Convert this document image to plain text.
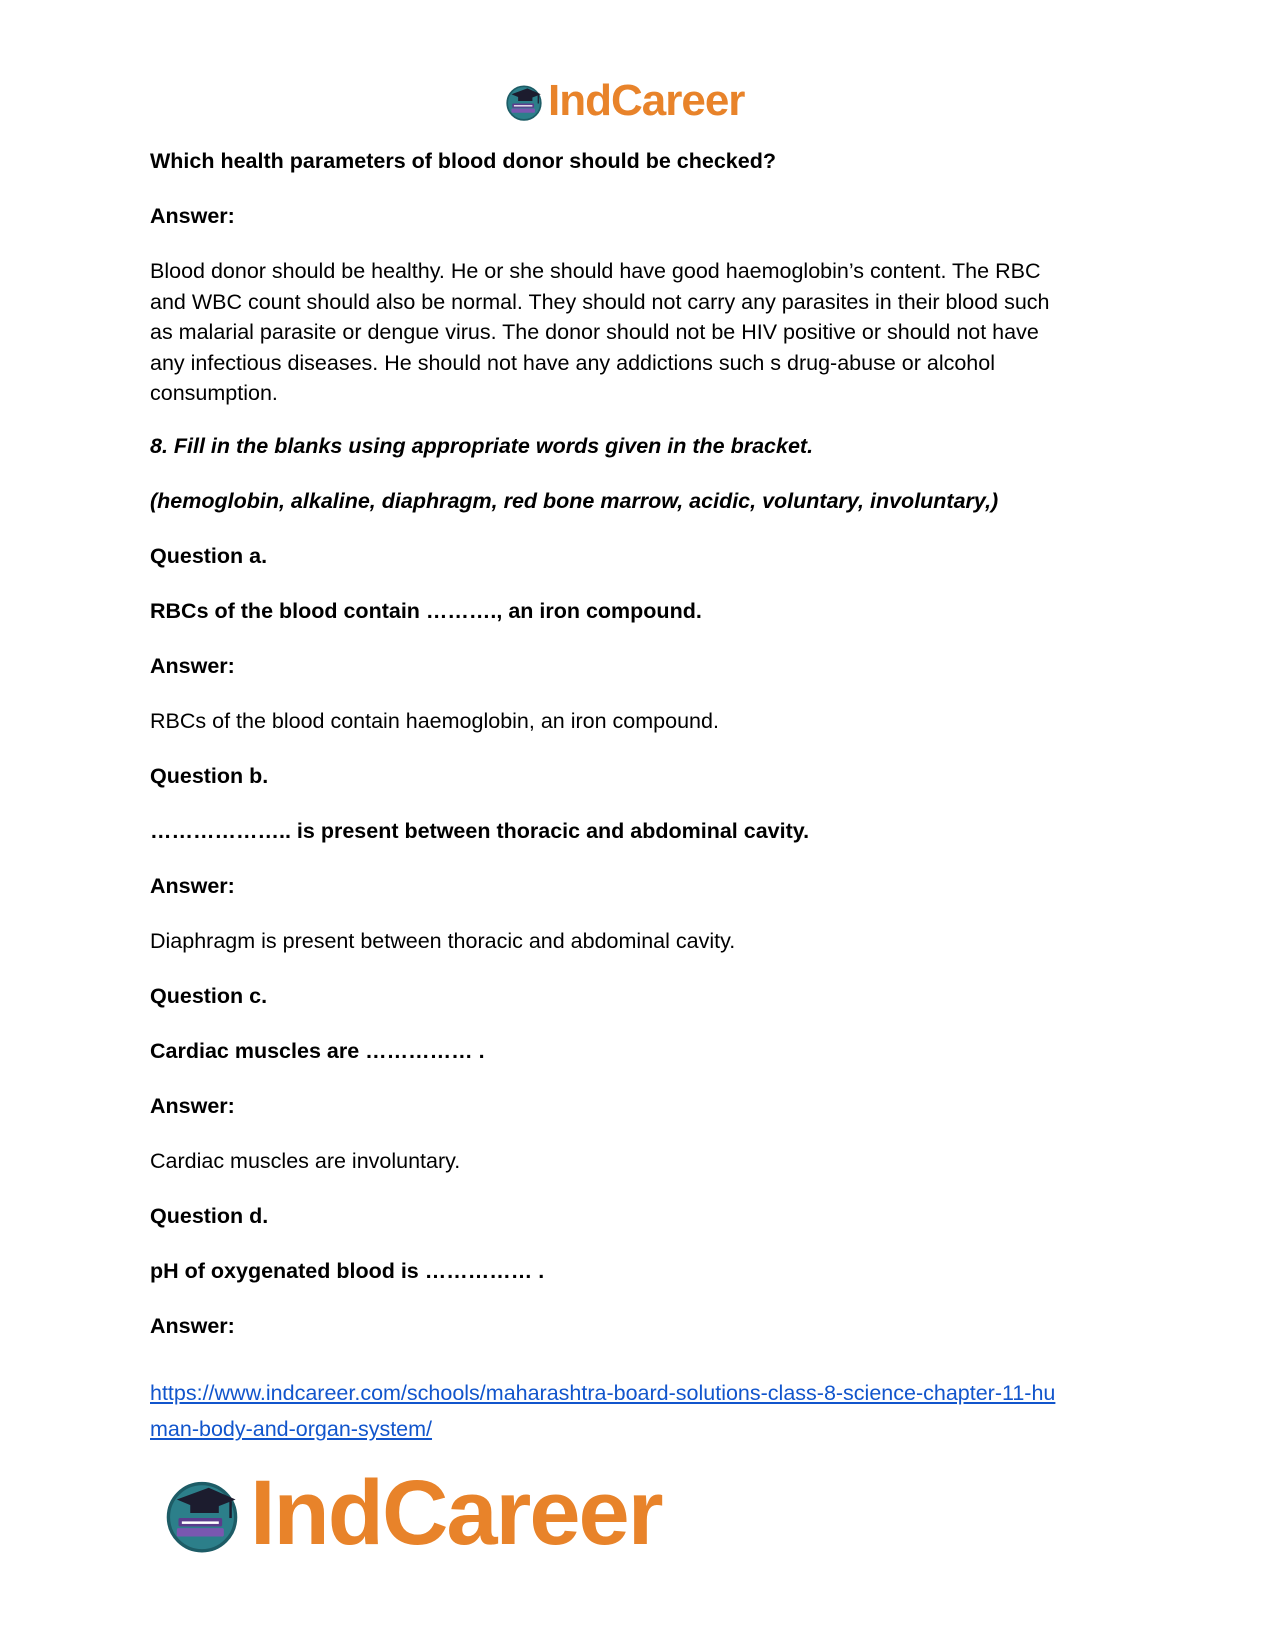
IndCareer
Which health parameters of blood donor should be checked?
Answer:
Blood donor should be healthy. He or she should have good haemoglobin’s content. The RBC
and WBC count should also be normal. They should not carry any parasites in their blood such
as malarial parasite or dengue virus. The donor should not be HIV positive or should not have
any infectious diseases. He should not have any addictions such s drug-abuse or alcohol
consumption.
8. Fill in the blanks using appropriate words given in the bracket.
(hemoglobin, alkaline, diaphragm, red bone marrow, acidic, voluntary, involuntary,)
Question a.
RBCs of the blood contain ………., an iron compound.
Answer:
RBCs of the blood contain haemoglobin, an iron compound.
Question b.
……………….. is present between thoracic and abdominal cavity.
Answer:
Diaphragm is present between thoracic and abdominal cavity.
Question c.
Cardiac muscles are …………… .
Answer:
Cardiac muscles are involuntary.
Question d.
pH of oxygenated blood is …………… .
Answer:
https://www.indcareer.com/schools/maharashtra-board-solutions-class-8-science-chapter-11-hu
man-body-and-organ-system/
IndCareer
